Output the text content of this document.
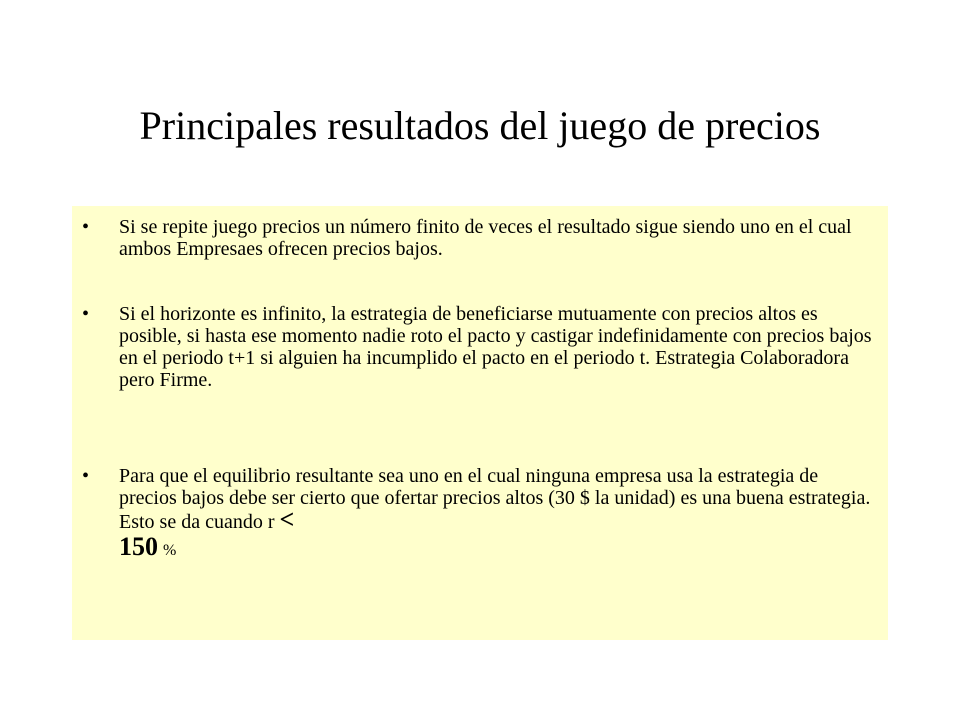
Principales resultados del juego de precios
•	Si se repite juego precios un número finito de veces el resultado sigue siendo uno en el cual ambos Empresaes ofrecen precios bajos.
•	Si el horizonte es infinito, la estrategia de beneficiarse mutuamente con precios altos es posible, si hasta ese momento nadie roto el pacto y castigar indefinidamente con precios bajos en el periodo t+1 si alguien ha incumplido el pacto en el periodo t. Estrategia Colaboradora pero Firme.
•	Para que el equilibrio resultante sea uno en el cual ninguna empresa usa la estrategia de precios bajos debe ser cierto que ofertar precios altos (30 $ la unidad) es una buena estrategia. Esto se da cuando r <
150 %
